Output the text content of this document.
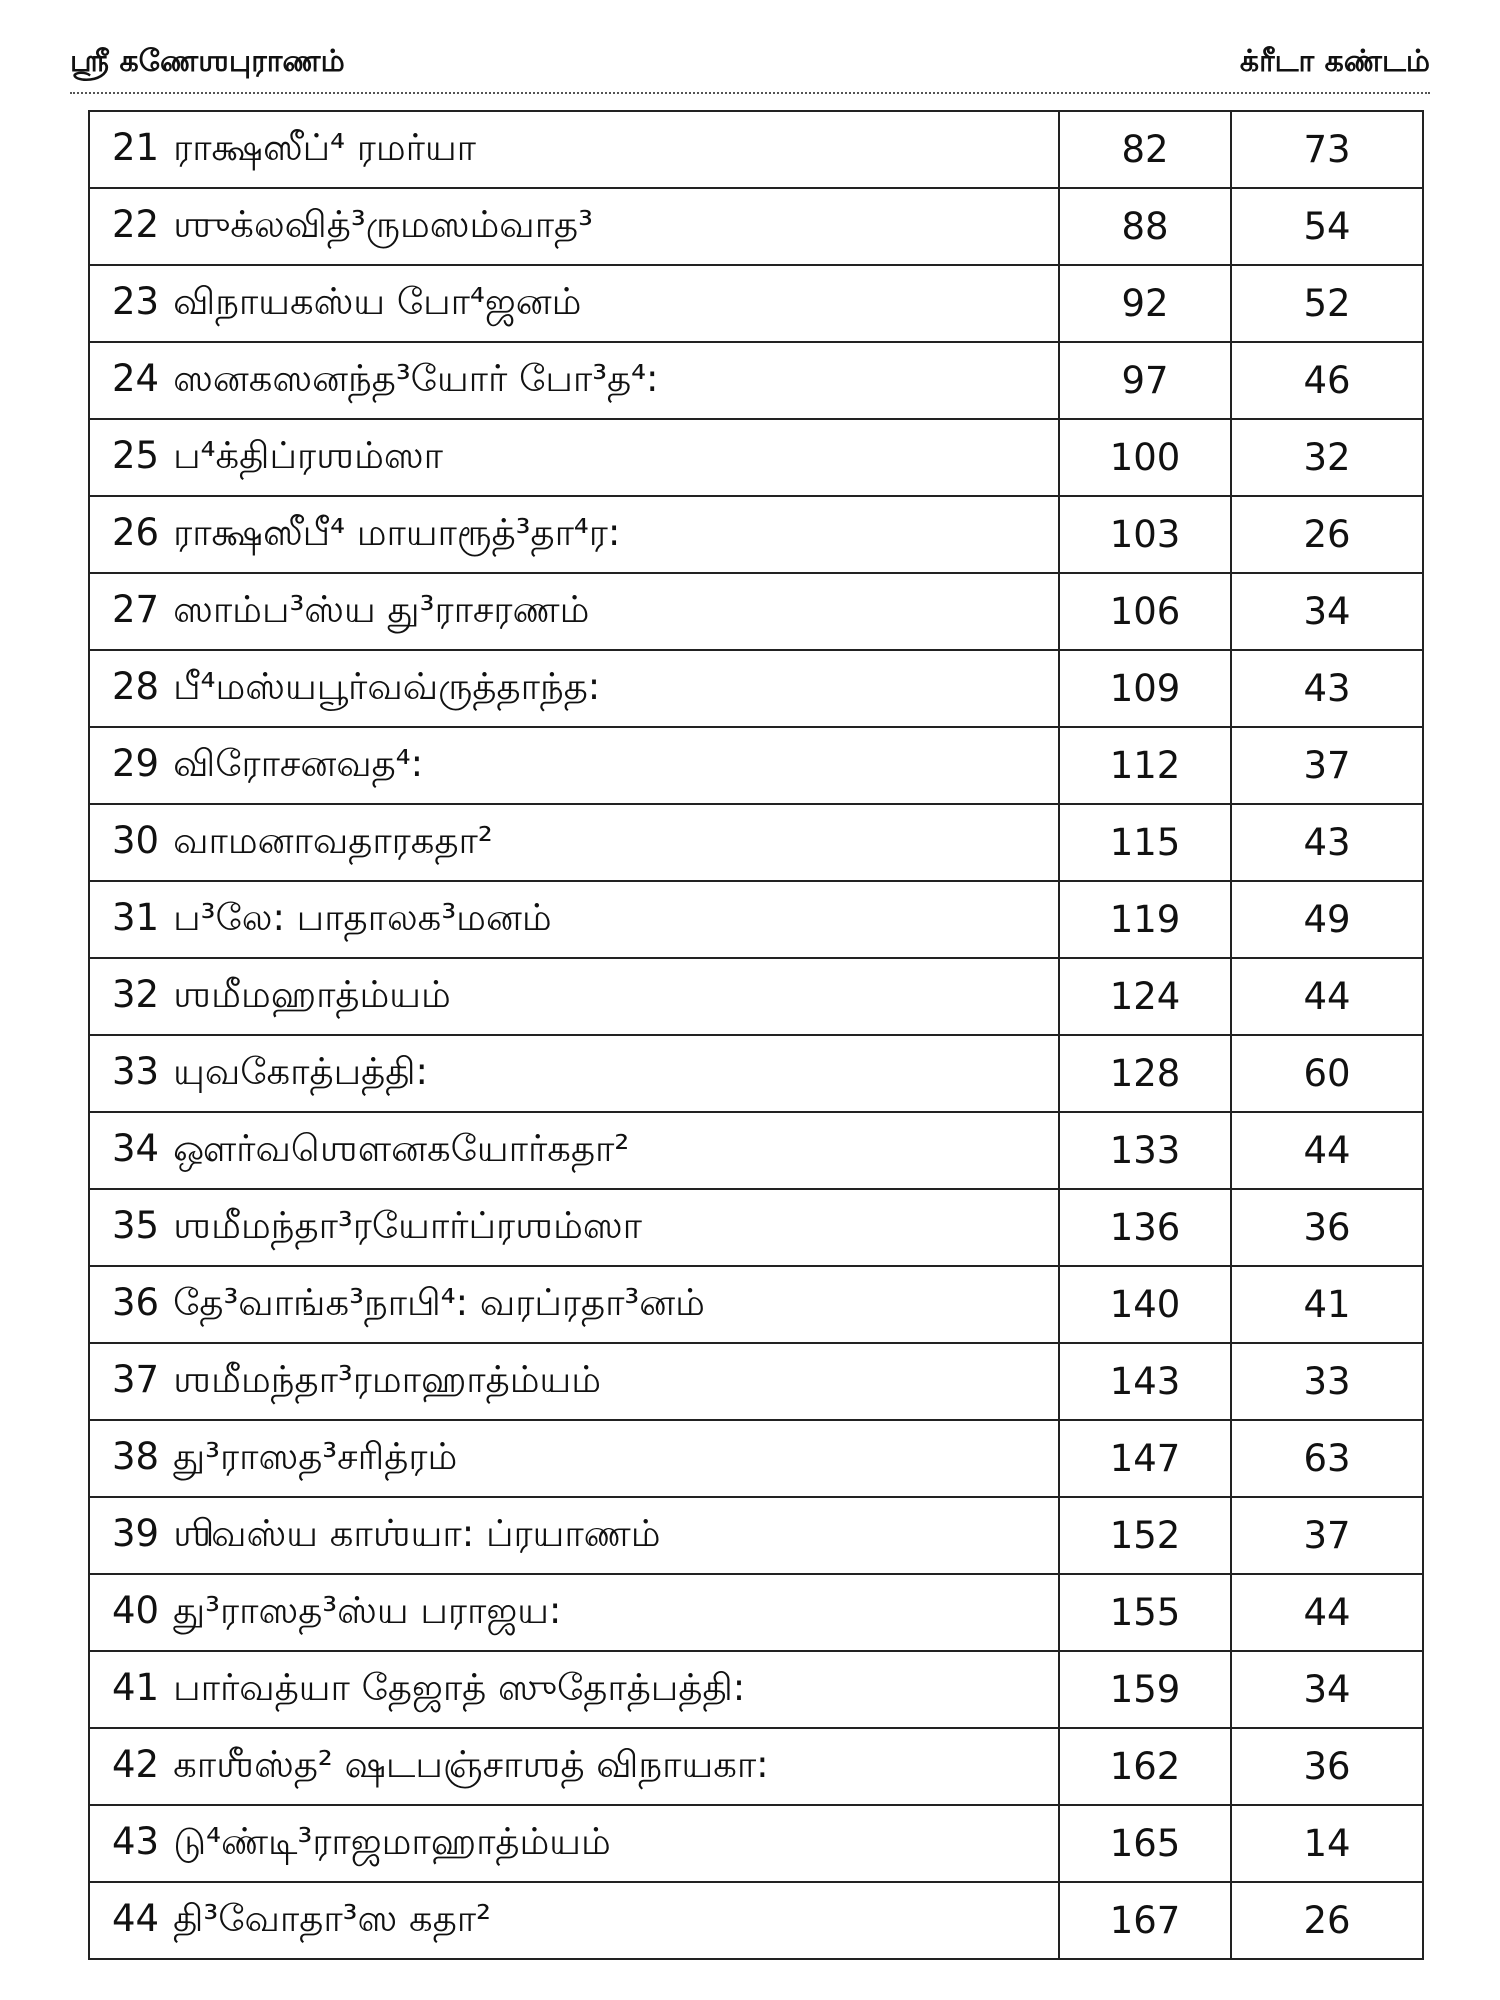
ஸ்ரீ கணேஶபுராணம்	க்ரீடா கண்டம்
21 ராக்ஷஸீப்⁴ ரமர்யா	82	73
22 ஶுக்லவித்³ருமஸம்வாத³	88	54
23 விநாயகஸ்ய போ⁴ஜனம்	92	52
24 ஸனகஸனந்த³யோர் போ³த⁴:	97	46
25 ப⁴க்திப்ரஶம்ஸா	100	32
26 ராக்ஷஸீபீ⁴ மாயாரூத்³தா⁴ர:	103	26
27 ஸாம்ப³ஸ்ய து³ராசரணம்	106	34
28 பீ⁴மஸ்யபூர்வவ்ருத்தாந்த:	109	43
29 விரோசனவத⁴:	112	37
30 வாமனாவதாரகதா²	115	43
31 ப³லே: பாதாலக³மனம்	119	49
32 ஶமீமஹாத்ம்யம்	124	44
33 யுவகோத்பத்தி:	128	60
34 ஔர்வஶௌனகயோர்கதா²	133	44
35 ஶமீமந்தா³ரயோர்ப்ரஶம்ஸா	136	36
36 தே³வாங்க³நாபி⁴: வரப்ரதா³னம்	140	41
37 ஶமீமந்தா³ரமாஹாத்ம்யம்	143	33
38 து³ராஸத³சரித்ரம்	147	63
39 ஶிவஸ்ய காஶ்யா: ப்ரயாணம்	152	37
40 து³ராஸத³ஸ்ய பராஜய:	155	44
41 பார்வத்யா தேஜாத் ஸுதோத்பத்தி:	159	34
42 காஶீஸ்த² ஷடபஞ்சாஶத் விநாயகா:	162	36
43 டு⁴ண்டி³ராஜமாஹாத்ம்யம்	165	14
44 தி³வோதா³ஸ கதா²	167	26
